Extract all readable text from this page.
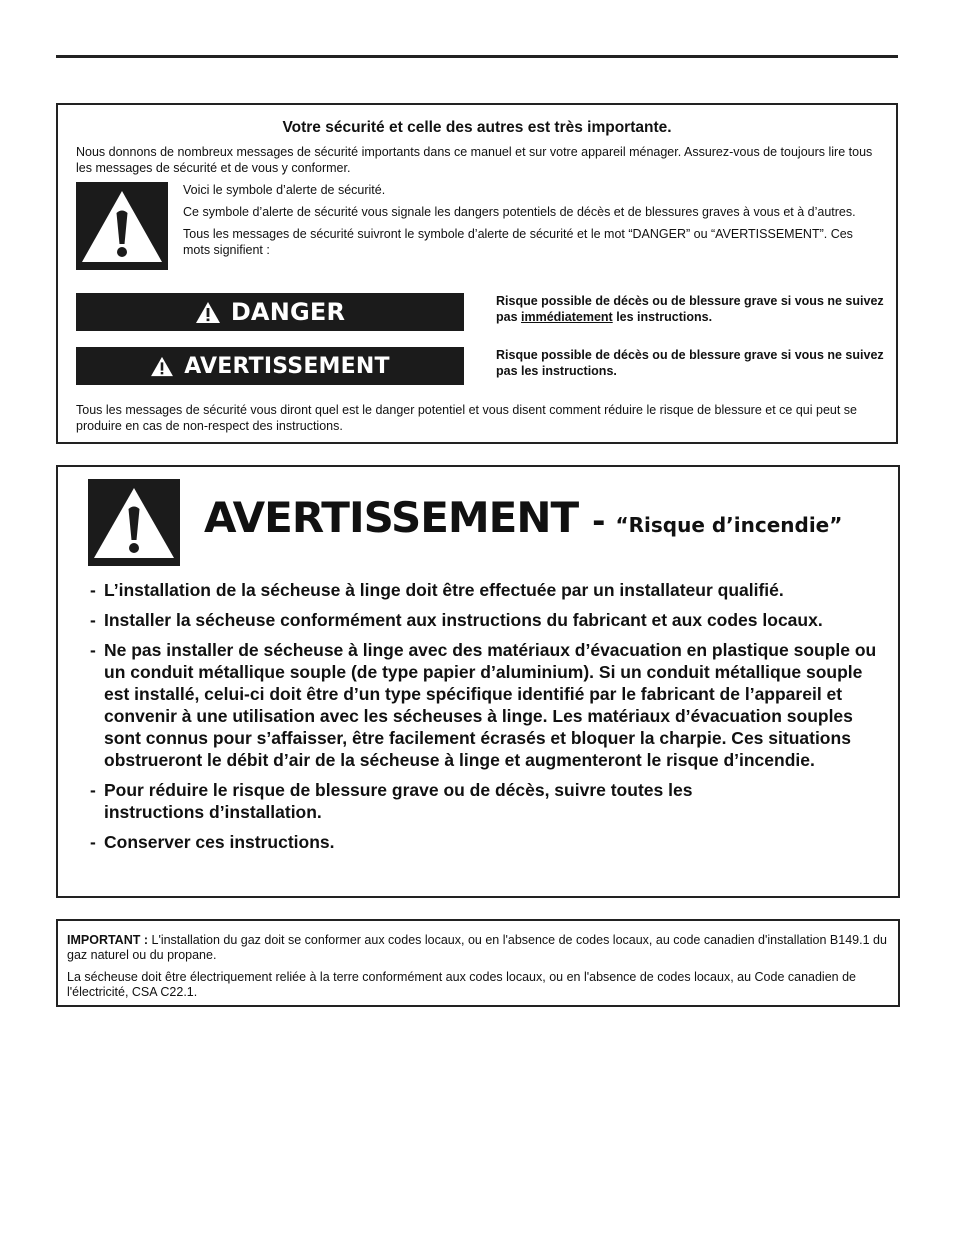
Votre sécurité et celle des autres est très importante.
Nous donnons de nombreux messages de sécurité importants dans ce manuel et sur votre appareil ménager. Assurez-vous de toujours lire tous les messages de sécurité et de vous y conformer.

Voici le symbole d’alerte de sécurité.

Ce symbole d’alerte de sécurité vous signale les dangers potentiels de décès et de blessures graves à vous et à d’autres.

Tous les messages de sécurité suivront le symbole d’alerte de sécurité et le mot “DANGER” ou “AVERTISSEMENT”. Ces mots signifient :

DANGER	Risque possible de décès ou de blessure grave si vous ne suivez pas immédiatement les instructions.
AVERTISSEMENT	Risque possible de décès ou de blessure grave si vous ne suivez pas les instructions.
Tous les messages de sécurité vous diront quel est le danger potentiel et vous disent comment réduire le risque de blessure et ce qui peut se produire en cas de non-respect des instructions.
AVERTISSEMENT - “Risque d’incendie”
- L’installation de la sécheuse à linge doit être effectuée par un installateur qualifié.
- Installer la sécheuse conformément aux instructions du fabricant et aux codes locaux.
- Ne pas installer de sécheuse à linge avec des matériaux d’évacuation en plastique souple ou un conduit métallique souple (de type papier d’aluminium). Si un conduit métallique souple est installé, celui-ci doit être d’un type spécifique identifié par le fabricant de l’appareil et convenir à une utilisation avec les sécheuses à linge. Les matériaux d’évacuation souples sont connus pour s’affaisser, être facilement écrasés et bloquer la charpie. Ces situations obstrueront le débit d’air de la sécheuse à linge et augmenteront le risque d’incendie.
- Pour réduire le risque de blessure grave ou de décès, suivre toutes les instructions d’installation.
- Conserver ces instructions.

IMPORTANT : L'installation du gaz doit se conformer aux codes locaux, ou en l'absence de codes locaux, au code canadien d'installation B149.1 du gaz naturel ou du propane.

La sécheuse doit être électriquement reliée à la terre conformément aux codes locaux, ou en l'absence de codes locaux, au Code canadien de l'électricité, CSA C22.1.
